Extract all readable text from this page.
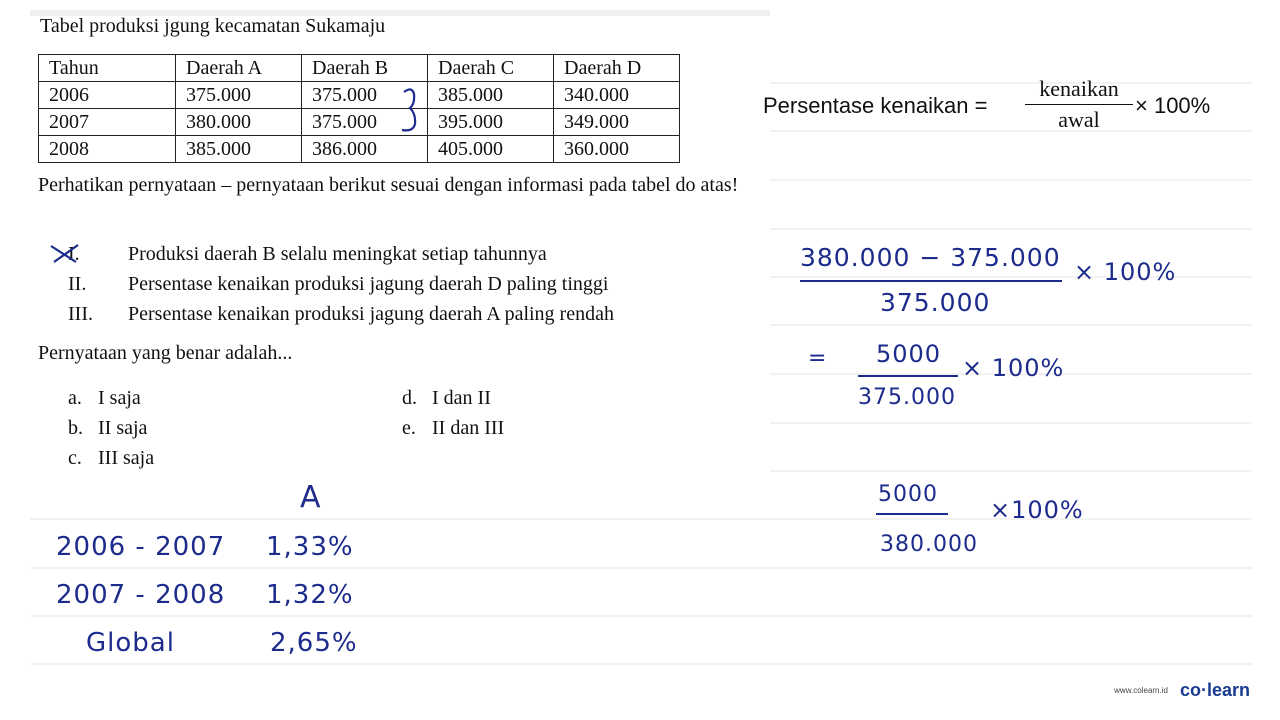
Tabel produksi jgung kecamatan Sukamaju
Tahun	Daerah A	Daerah B	Daerah C	Daerah D
2006	375.000	375.000	385.000	340.000
2007	380.000	375.000	395.000	349.000
2008	385.000	386.000	405.000	360.000
Perhatikan pernyataan – pernyataan berikut sesuai dengan informasi pada tabel do atas!
I. Produksi daerah B selalu meningkat setiap tahunnya
II. Persentase kenaikan produksi jagung daerah D paling tinggi
III. Persentase kenaikan produksi jagung daerah A paling rendah
Pernyataan yang benar adalah...
a. I saja
b. II saja
c. III saja
d. I dan II
e. II dan III
Persentase kenaikan =
kenaikan
awal
× 100%
380.000 − 375.000
375.000
× 100%
= 5000
375.000
× 100%
5000
380.000
×100%
A
2006 - 2007 1,33%
2007 - 2008 1,32%
Global	2,65%
www.colearn.id co·learn
